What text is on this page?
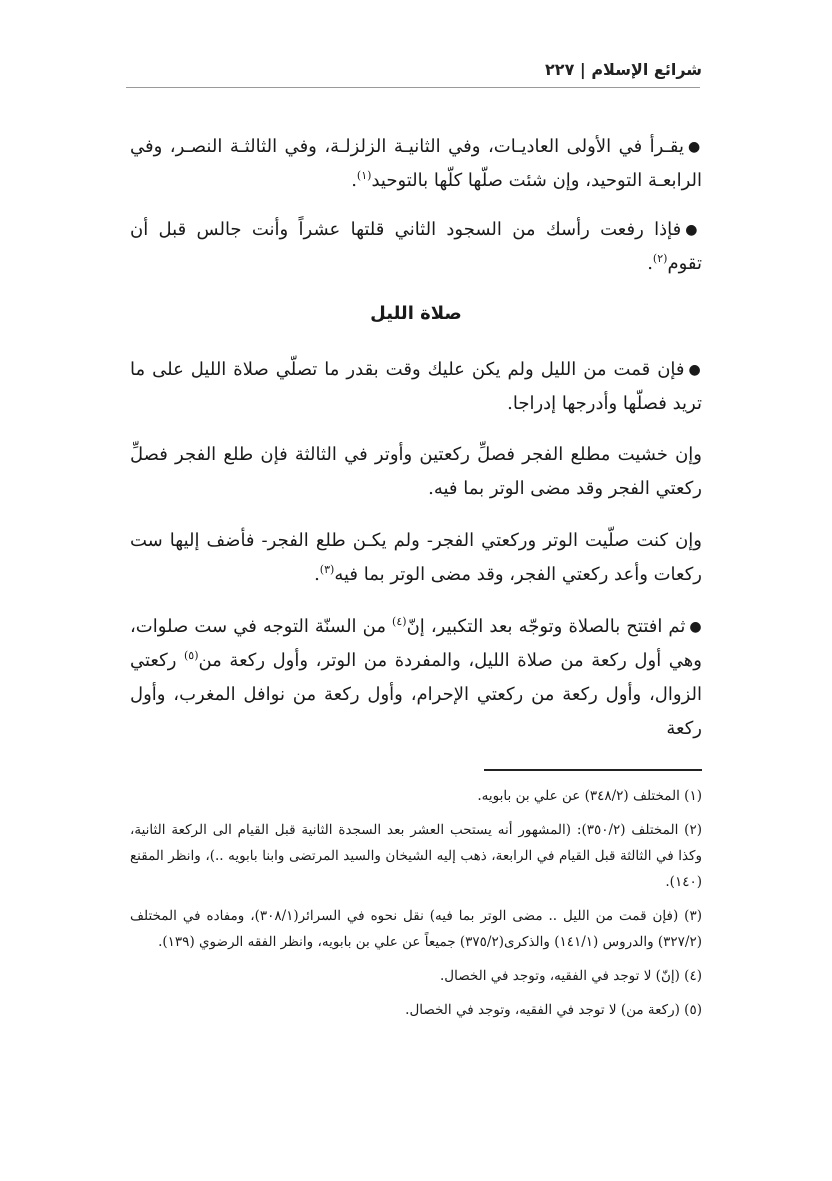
شرائع الإسلام | ٢٢٧

●يقـرأ في الأولى العاديـات، وفي الثانيـة الزلزلـة، وفي الثالثـة النصـر، وفي الرابعـة التوحيد، وإن شئت صلّها كلّها بالتوحيد$^{(١)}$.

●فإذا رفعت رأسك من السجود الثاني قلتها عشراً وأنت جالس قبل أن تقوم$^{(٢)}$.

صلاة الليل

●فإن قمت من الليل ولم يكن عليك وقت بقدر ما تصلّي صلاة الليل على ما تريد فصلّها وأدرجها إدراجا.

وإن خشيت مطلع الفجر فصلِّ ركعتين وأوتر في الثالثة فإن طلع الفجر فصلِّ ركعتي الفجر وقد مضى الوتر بما فيه.

وإن كنت صلّيت الوتر وركعتي الفجر- ولم يكـن طلع الفجر- فأضف إليها ست ركعات وأعد ركعتي الفجر، وقد مضى الوتر بما فيه$^{(٣)}$.

●ثم افتتح بالصلاة وتوجّه بعد التكبير، إنّ$^{(٤)}$ من السنّة التوجه في ست صلوات، وهي أول ركعة من صلاة الليل، والمفردة من الوتر، وأول ركعة من$^{(٥)}$ ركعتي الزوال، وأول ركعة من ركعتي الإحرام، وأول ركعة من نوافل المغرب، وأول ركعة

(١) المختلف (٣٤٨/٢) عن علي بن بابويه.

(٢) المختلف (٣٥٠/٢): (المشهور أنه يستحب العشر بعد السجدة الثانية قبل القيام الى الركعة الثانية، وكذا في الثالثة قبل القيام في الرابعة، ذهب إليه الشيخان والسيد المرتضى وابنا بابويه ..)، وانظر المقنع (١٤٠).

(٣) (فإن قمت من الليل .. مضى الوتر بما فيه) نقل نحوه في السرائر(٣٠٨/١)، ومفاده في المختلف (٣٢٧/٢) والدروس (١٤١/١) والذكرى(٣٧٥/٢) جميعاً عن علي بن بابويه، وانظر الفقه الرضوي (١٣٩).

(٤) (إنّ) لا توجد في الفقيه، وتوجد في الخصال.

(٥) (ركعة من) لا توجد في الفقيه، وتوجد في الخصال.
